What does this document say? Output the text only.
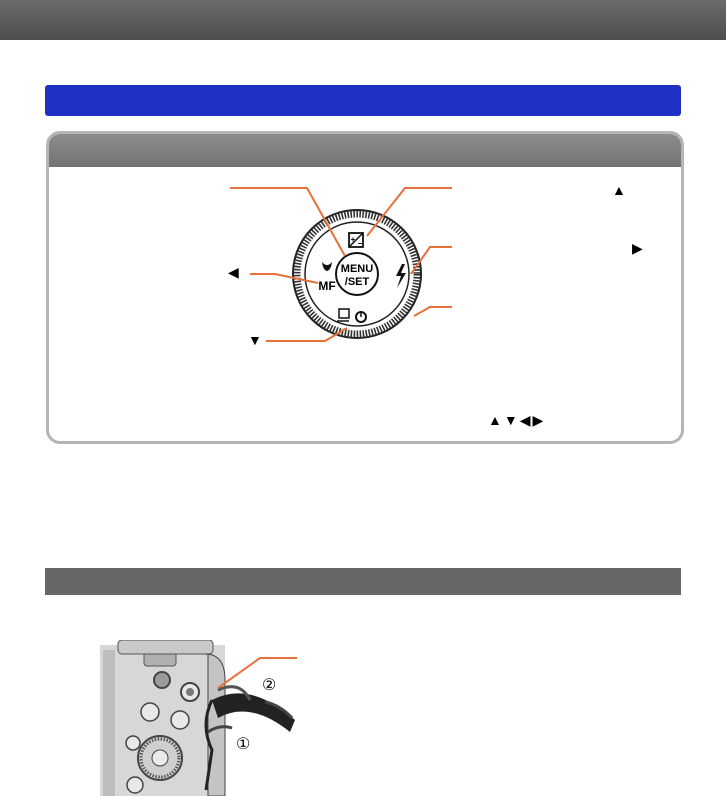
MENU
/SET
+ −
MF
▲
▶
◀
▼
▲▼◀▶
②
①
